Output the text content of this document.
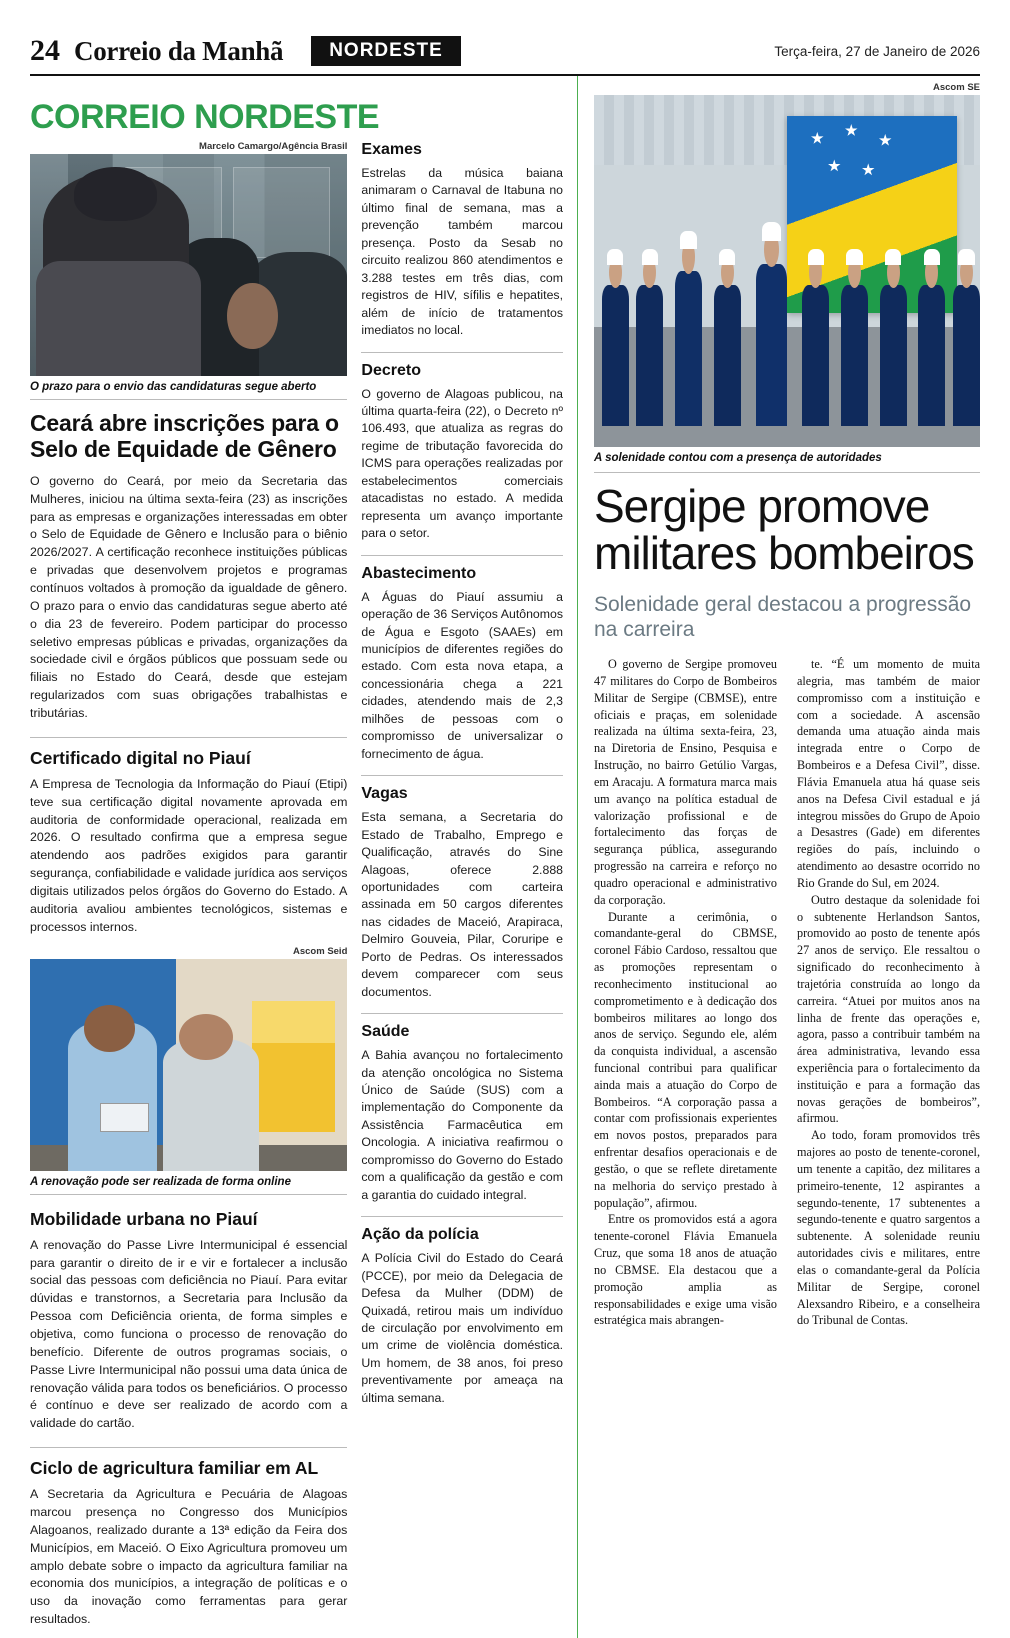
24 Correio da Manhã	NORDESTE	Terça-feira, 27 de Janeiro de 2026
CORREIO NORDESTE
Marcelo Camargo/Agência Brasil
O prazo para o envio das candidaturas segue aberto
Ceará abre inscrições para o Selo de Equidade de Gênero

O governo do Ceará, por meio da Secretaria das Mulheres, iniciou na última sexta-feira (23) as inscrições para as empresas e organizações interessadas em obter o Selo de Equidade de Gênero e Inclusão para o biênio 2026/2027. A certificação reconhece instituições públicas e privadas que desenvolvem projetos e programas contínuos voltados à promoção da igualdade de gênero. O prazo para o envio das candidaturas segue aberto até o dia 23 de fevereiro. Podem participar do processo seletivo empresas públicas e privadas, organizações da sociedade civil e órgãos públicos que possuam sede ou filiais no Estado do Ceará, desde que estejam regularizados com suas obrigações trabalhistas e tributárias.

Certificado digital no Piauí

A Empresa de Tecnologia da Informação do Piauí (Etipi) teve sua certificação digital novamente aprovada em auditoria de conformidade operacional, realizada em 2026. O resultado confirma que a empresa segue atendendo aos padrões exigidos para garantir segurança, confiabilidade e validade jurídica aos serviços digitais utilizados pelos órgãos do Governo do Estado. A auditoria avaliou ambientes tecnológicos, sistemas e processos internos.

Ascom Seid
A renovação pode ser realizada de forma online
Mobilidade urbana no Piauí

A renovação do Passe Livre Intermunicipal é essencial para garantir o direito de ir e vir e fortalecer a inclusão social das pessoas com deficiência no Piauí. Para evitar dúvidas e transtornos, a Secretaria para Inclusão da Pessoa com Deficiência orienta, de forma simples e objetiva, como funciona o processo de renovação do benefício. Diferente de outros programas sociais, o Passe Livre Intermunicipal não possui uma data única de renovação válida para todos os beneficiários. O processo é contínuo e deve ser realizado de acordo com a validade do cartão.

Ciclo de agricultura familiar em AL

A Secretaria da Agricultura e Pecuária de Alagoas marcou presença no Congresso dos Municípios Alagoanos, realizado durante a 13ª edição da Feira dos Municípios, em Maceió. O Eixo Agricultura promoveu um amplo debate sobre o impacto da agricultura familiar na economia dos municípios, a integração de políticas e o uso da inovação como ferramentas para gerar resultados.

Exames

Estrelas da música baiana animaram o Carnaval de Itabuna no último final de semana, mas a prevenção também marcou presença. Posto da Sesab no circuito realizou 860 atendimentos e 3.288 testes em três dias, com registros de HIV, sífilis e hepatites, além de início de tratamentos imediatos no local.

Decreto

O governo de Alagoas publicou, na última quarta-feira (22), o Decreto nº 106.493, que atualiza as regras do regime de tributação favorecida do ICMS para operações realizadas por estabelecimentos comerciais atacadistas no estado. A medida representa um avanço importante para o setor.

Abastecimento

A Águas do Piauí assumiu a operação de 36 Serviços Autônomos de Água e Esgoto (SAAEs) em municípios de diferentes regiões do estado. Com esta nova etapa, a concessionária chega a 221 cidades, atendendo mais de 2,3 milhões de pessoas com o compromisso de universalizar o fornecimento de água.

Vagas

Esta semana, a Secretaria do Estado de Trabalho, Emprego e Qualificação, através do Sine Alagoas, oferece 2.888 oportunidades com carteira assinada em 50 cargos diferentes nas cidades de Maceió, Arapiraca, Delmiro Gouveia, Pilar, Coruripe e Porto de Pedras. Os interessados devem comparecer com seus documentos.

Saúde

A Bahia avançou no fortalecimento da atenção oncológica no Sistema Único de Saúde (SUS) com a implementação do Componente da Assistência Farmacêutica em Oncologia. A iniciativa reafirmou o compromisso do Governo do Estado com a qualificação da gestão e com a garantia do cuidado integral.

Ação da polícia

A Polícia Civil do Estado do Ceará (PCCE), por meio da Delegacia de Defesa da Mulher (DDM) de Quixadá, retirou mais um indivíduo de circulação por envolvimento em um crime de violência doméstica. Um homem, de 38 anos, foi preso preventivamente por ameaça na última semana.

Ascom SE
A solenidade contou com a presença de autoridades
Sergipe promove militares bombeiros
Solenidade geral destacou a progressão na carreira

O governo de Sergipe promoveu 47 militares do Corpo de Bombeiros Militar de Sergipe (CBMSE), entre oficiais e praças, em solenidade realizada na última sexta-feira, 23, na Diretoria de Ensino, Pesquisa e Instrução, no bairro Getúlio Vargas, em Aracaju. A formatura marca mais um avanço na política estadual de valorização profissional e de fortalecimento das forças de segurança pública, assegurando progressão na carreira e reforço no quadro operacional e administrativo da corporação.

Durante a cerimônia, o comandante-geral do CBMSE, coronel Fábio Cardoso, ressaltou que as promoções representam o reconhecimento institucional ao comprometimento e à dedicação dos bombeiros militares ao longo dos anos de serviço. Segundo ele, além da conquista individual, a ascensão funcional contribui para qualificar ainda mais a atuação do Corpo de Bombeiros. “A corporação passa a contar com profissionais experientes em novos postos, preparados para enfrentar desafios operacionais e de gestão, o que se reflete diretamente na melhoria do serviço prestado à população”, afirmou.

Entre os promovidos está a agora tenente-coronel Flávia Emanuela Cruz, que soma 18 anos de atuação no CBMSE. Ela destacou que a promoção amplia as responsabilidades e exige uma visão estratégica mais abrangen-

te. “É um momento de muita alegria, mas também de maior compromisso com a instituição e com a sociedade. A ascensão demanda uma atuação ainda mais integrada entre o Corpo de Bombeiros e a Defesa Civil”, disse. Flávia Emanuela atua há quase seis anos na Defesa Civil estadual e já integrou missões do Grupo de Apoio a Desastres (Gade) em diferentes regiões do país, incluindo o atendimento ao desastre ocorrido no Rio Grande do Sul, em 2024.

Outro destaque da solenidade foi o subtenente Herlandson Santos, promovido ao posto de tenente após 27 anos de serviço. Ele ressaltou o significado do reconhecimento à trajetória construída ao longo da carreira. “Atuei por muitos anos na linha de frente das operações e, agora, passo a contribuir também na área administrativa, levando essa experiência para o fortalecimento da instituição e para a formação das novas gerações de bombeiros”, afirmou.

Ao todo, foram promovidos três majores ao posto de tenente-coronel, um tenente a capitão, dez militares a primeiro-tenente, 12 aspirantes a segundo-tenente, 17 subtenentes a segundo-tenente e quatro sargentos a subtenente. A solenidade reuniu autoridades civis e militares, entre elas o comandante-geral da Polícia Militar de Sergipe, coronel Alexsandro Ribeiro, e a conselheira do Tribunal de Contas.
